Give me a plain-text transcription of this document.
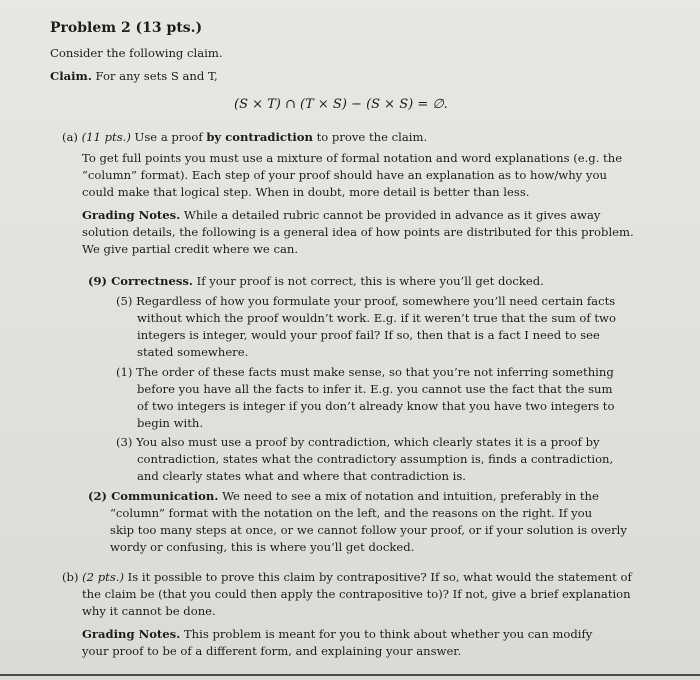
Problem 2 (13 pts.)
Consider the following claim.
Claim. For any sets S and T,
(S × T) ∩ (T × S) − (S × S) = ∅.
(a) (11 pts.) Use a proof by contradiction to prove the claim.
To get full points you must use a mixture of formal notation and word explanations (e.g. the
“column” format). Each step of your proof should have an explanation as to how/why you
could make that logical step. When in doubt, more detail is better than less.
Grading Notes. While a detailed rubric cannot be provided in advance as it gives away
solution details, the following is a general idea of how points are distributed for this problem.
We give partial credit where we can.
(9) Correctness. If your proof is not correct, this is where you’ll get docked.
(5) Regardless of how you formulate your proof, somewhere you’ll need certain facts
without which the proof wouldn’t work. E.g. if it weren’t true that the sum of two
integers is integer, would your proof fail? If so, then that is a fact I need to see
stated somewhere.
(1) The order of these facts must make sense, so that you’re not inferring something
before you have all the facts to infer it. E.g. you cannot use the fact that the sum
of two integers is integer if you don’t already know that you have two integers to
begin with.
(3) You also must use a proof by contradiction, which clearly states it is a proof by
contradiction, states what the contradictory assumption is, finds a contradiction,
and clearly states what and where that contradiction is.
(2) Communication. We need to see a mix of notation and intuition, preferably in the
“column” format with the notation on the left, and the reasons on the right. If you
skip too many steps at once, or we cannot follow your proof, or if your solution is overly
wordy or confusing, this is where you’ll get docked.
(b) (2 pts.) Is it possible to prove this claim by contrapositive? If so, what would the statement of
the claim be (that you could then apply the contrapositive to)? If not, give a brief explanation
why it cannot be done.
Grading Notes. This problem is meant for you to think about whether you can modify
your proof to be of a different form, and explaining your answer.
